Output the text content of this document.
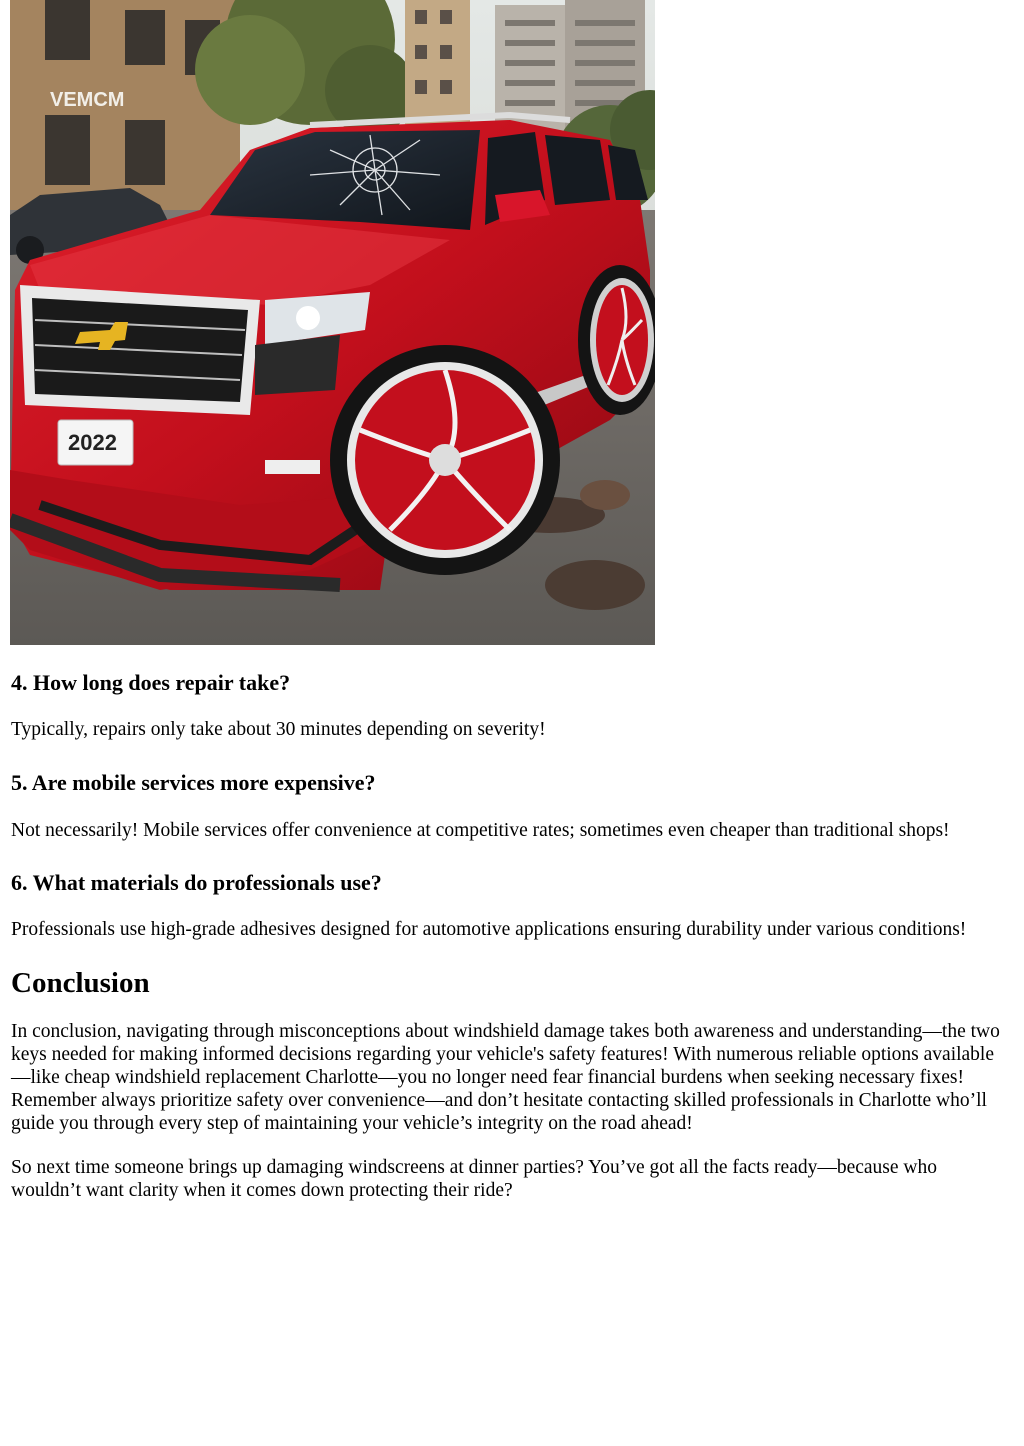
VEMCM
2022
4. How long does repair take?

Typically, repairs only take about 30 minutes depending on severity!

5. Are mobile services more expensive?

Not necessarily! Mobile services offer convenience at competitive rates; sometimes even cheaper than traditional shops!

6. What materials do professionals use?

Professionals use high-grade adhesives designed for automotive applications ensuring durability under various conditions!

Conclusion

In conclusion, navigating through misconceptions about windshield damage takes both awareness and understanding—the two keys needed for making informed decisions regarding your vehicle's safety features! With numerous reliable options available—like cheap windshield replacement Charlotte—you no longer need fear financial burdens when seeking necessary fixes! Remember always prioritize safety over convenience—and don’t hesitate contacting skilled professionals in Charlotte who’ll guide you through every step of maintaining your vehicle’s integrity on the road ahead!

So next time someone brings up damaging windscreens at dinner parties? You’ve got all the facts ready—because who wouldn’t want clarity when it comes down protecting their ride?
